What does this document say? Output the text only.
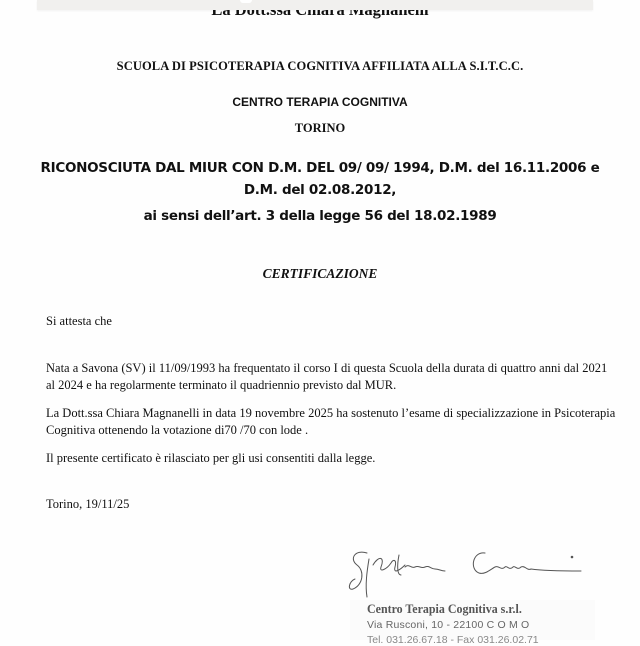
SCUOLA DI PSICOTERAPIA COGNITIVA AFFILIATA ALLA S.I.T.C.C.
CENTRO TERAPIA COGNITIVA
TORINO
RICONOSCIUTA DAL MIUR CON D.M. DEL 09/ 09/ 1994, D.M. del 16.11.2006 e D.M. del 02.08.2012,
ai sensi dell’art. 3 della legge 56 del 18.02.1989
CERTIFICAZIONE
Si attesta che
Nata a Savona (SV) il 11/09/1993 ha frequentato il corso I di questa Scuola della durata di quattro anni dal 2021 al 2024 e ha regolarmente terminato il quadriennio previsto dal MUR.
La Dott.ssa Chiara Magnanelli in data 19 novembre 2025 ha sostenuto l’esame di specializzazione in Psicoterapia Cognitiva ottenendo la votazione di70 /70 con lode .
Il presente certificato è rilasciato per gli usi consentiti dalla legge.
Torino, 19/11/25
Centro Terapia Cognitiva s.r.l.
Via Rusconi, 10 - 22100 C O M O
Tel. 031.26.67.18 - Fax 031.26.02.71
